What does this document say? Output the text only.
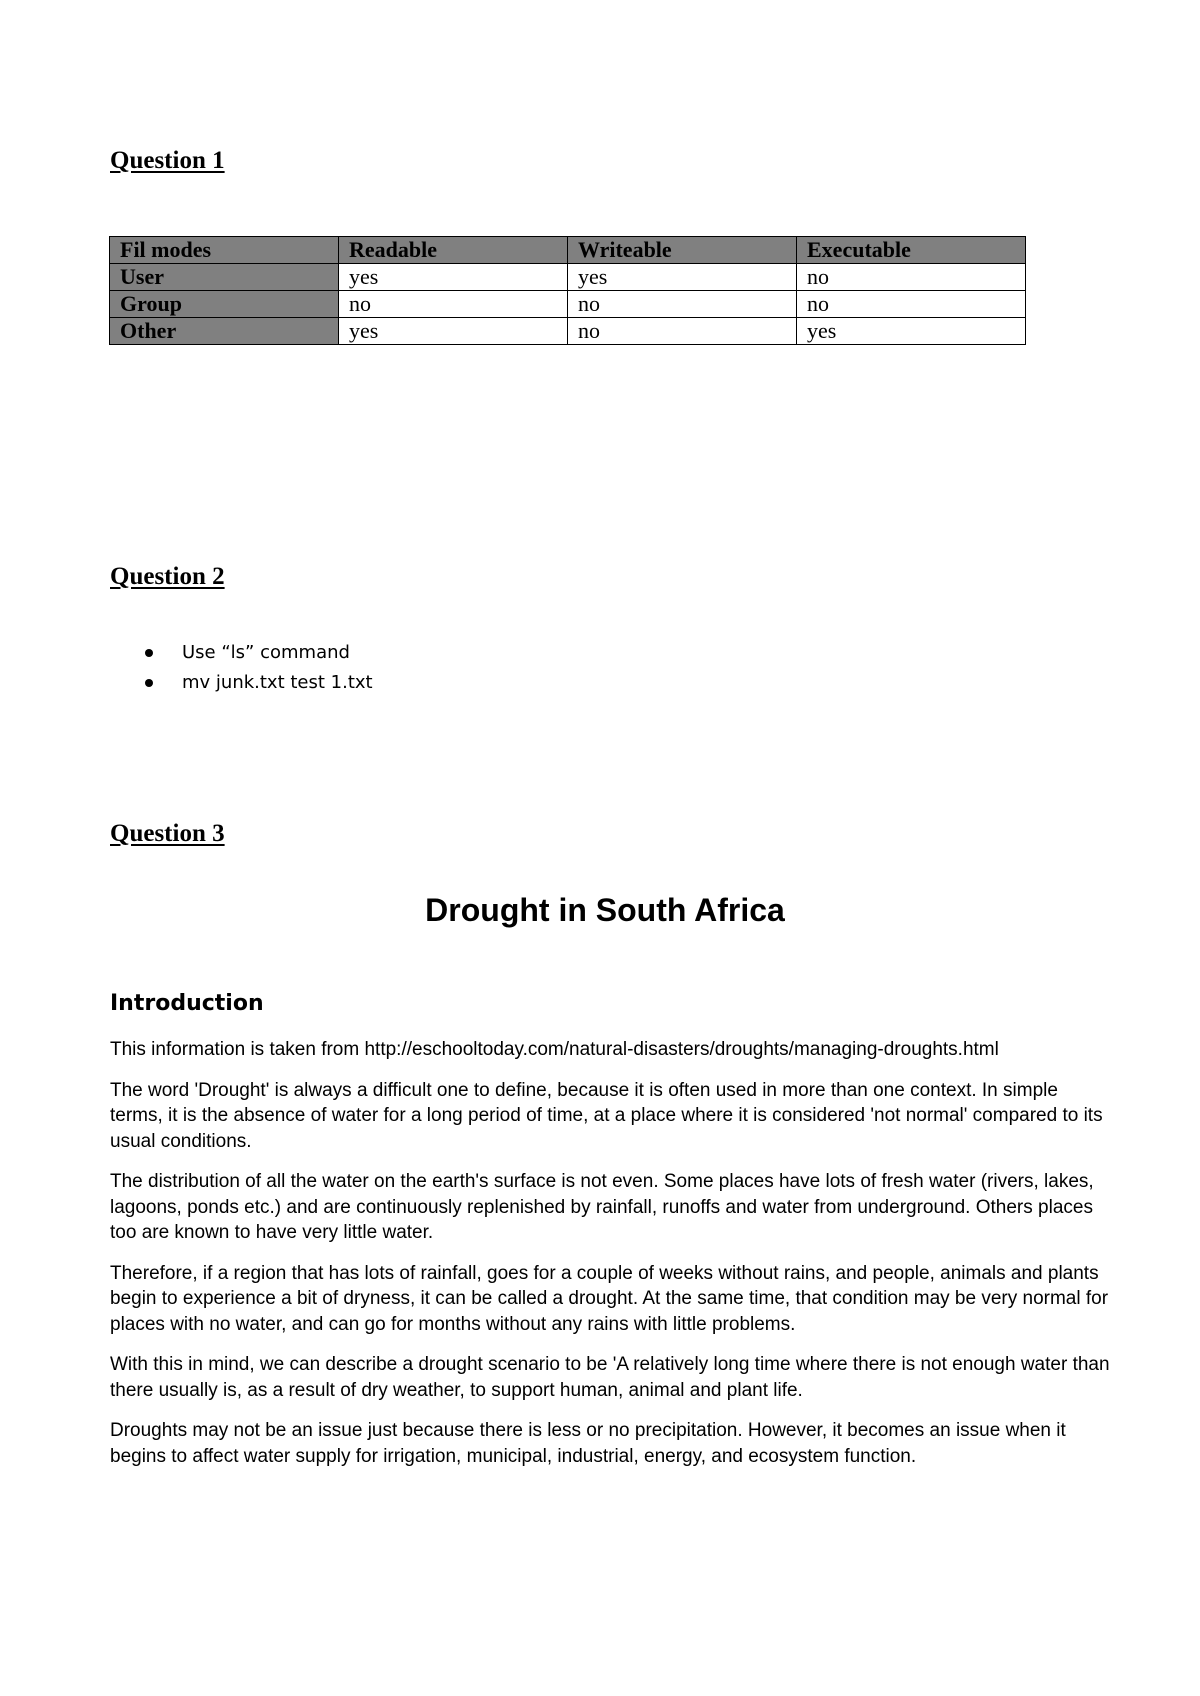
Question 1
Fil modes	Readable	Writeable	Executable
User	yes	yes	no
Group	no	no	no
Other	yes	no	yes
Question 2
Use “ls” command
mv junk.txt test 1.txt
Question 3
Drought in South Africa
Introduction

This information is taken from http://eschooltoday.com/natural-disasters/droughts/managing-droughts.html

The word 'Drought' is always a difficult one to define, because it is often used in more than one context. In simple terms, it is the absence of water for a long period of time, at a place where it is considered 'not normal' compared to its usual conditions.

The distribution of all the water on the earth's surface is not even. Some places have lots of fresh water (rivers, lakes, lagoons, ponds etc.) and are continuously replenished by rainfall, runoffs and water from underground. Others places too are known to have very little water.

Therefore, if a region that has lots of rainfall, goes for a couple of weeks without rains, and people, animals and plants begin to experience a bit of dryness, it can be called a drought. At the same time, that condition may be very normal for places with no water, and can go for months without any rains with little problems.

With this in mind, we can describe a drought scenario to be 'A relatively long time where there is not enough water than there usually is, as a result of dry weather, to support human, animal and plant life.

Droughts may not be an issue just because there is less or no precipitation. However, it becomes an issue when it begins to affect water supply for irrigation, municipal, industrial, energy, and ecosystem function.
